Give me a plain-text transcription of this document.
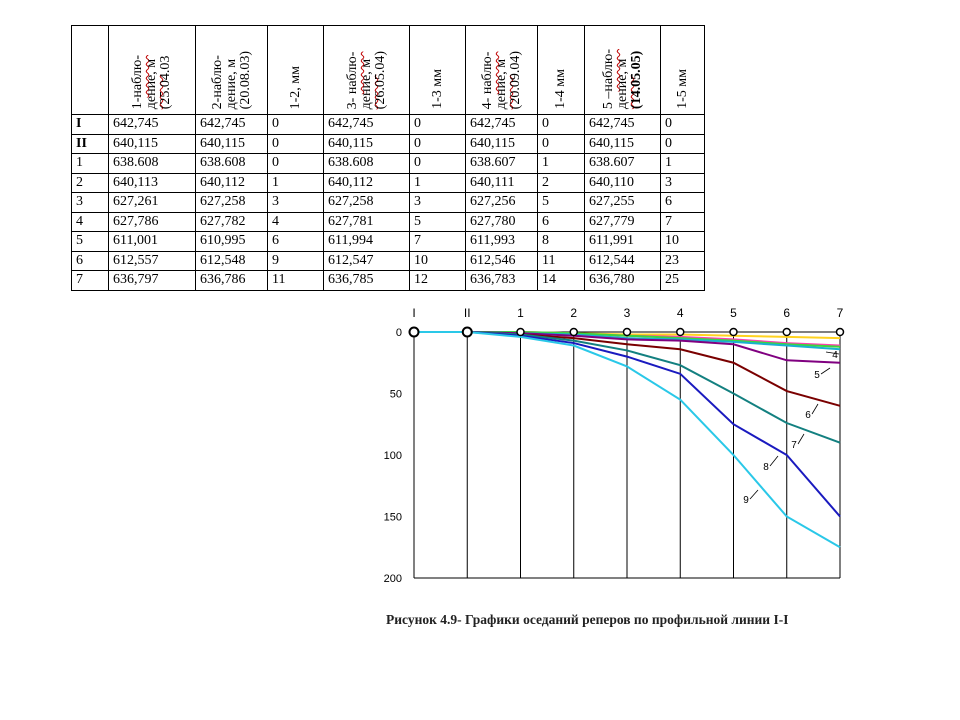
	1-наблю-
дение, м
(25.04.03	2-наблю-
дение, м
(20.08.03)	1-2, мм	3- наблю-
дение, м
(26.05.04)	1-3 мм	4- наблю-
дение, м
(20.09.04)	1-4 мм	5 –наблю-
дение, м
(14.05.05)	1-5 мм
I	642,745	642,745	0	642,745	0	642,745	0	642,745	0
II	640,115	640,115	0	640,115	0	640,115	0	640,115	0
1	638.608	638.608	0	638.608	0	638.607	1	638.607	1
2	640,113	640,112	1	640,112	1	640,111	2	640,110	3
3	627,261	627,258	3	627,258	3	627,256	5	627,255	6
4	627,786	627,782	4	627,781	5	627,780	6	627,779	7
5	611,001	610,995	6	611,994	7	611,993	8	611,991	10
6	612,557	612,548	9	612,547	10	612,546	11	612,544	23
7	636,797	636,786	11	636,785	12	636,783	14	636,780	25
I	II	1	2	3	4	5	6	7
0
50
100
150
200
4
5
6
7
8
9
Рисунок 4.9- Графики оседаний реперов по профильной линии I-I
